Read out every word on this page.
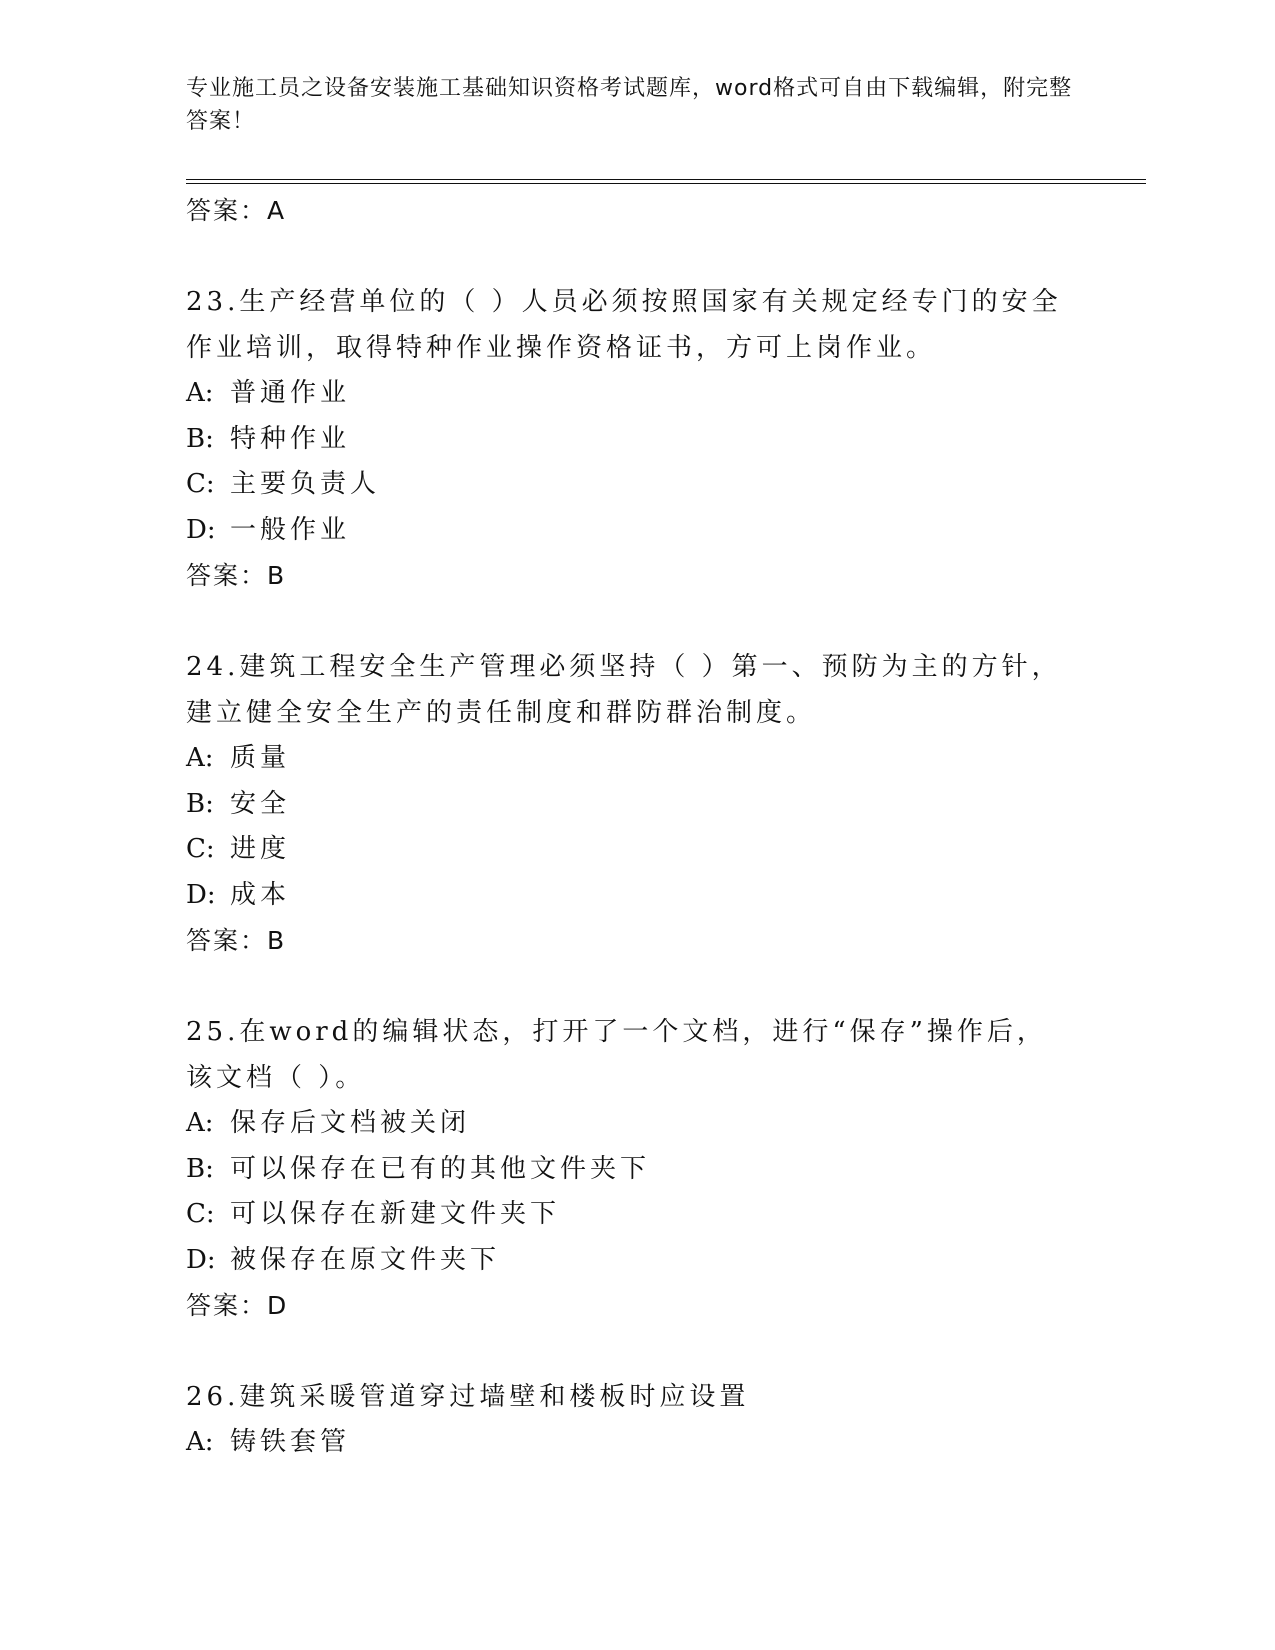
专业施工员之设备安装施工基础知识资格考试题库，word格式可自由下载编辑，附完整答案！

答案：A

23.生产经营单位的（ ）人员必须按照国家有关规定经专门的安全作业培训，取得特种作业操作资格证书，方可上岗作业。

A: 普通作业
B: 特种作业
C: 主要负责人
D: 一般作业
答案：B

24.建筑工程安全生产管理必须坚持（ ）第一、预防为主的方针，建立健全安全生产的责任制度和群防群治制度。

A: 质量
B: 安全
C: 进度
D: 成本
答案：B

25.在word的编辑状态，打开了一个文档，进行“保存”操作后，该文档（ ）。

A: 保存后文档被关闭
B: 可以保存在已有的其他文件夹下
C: 可以保存在新建文件夹下
D: 被保存在原文件夹下
答案：D

26.建筑采暖管道穿过墙壁和楼板时应设置

A: 铸铁套管
